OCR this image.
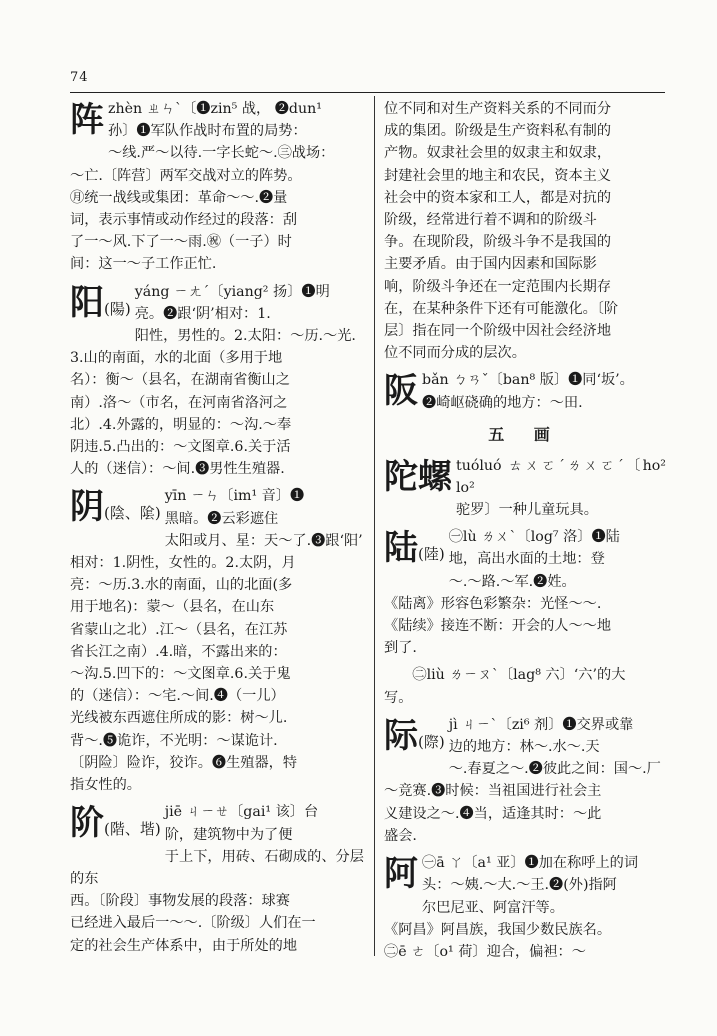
74
阵 zhèn ㄓㄣˋ〔❶zin⁵ 战， ❷dun¹

孙〕❶军队作战时布置的局势：

～线.严～以待.一字长蛇～.㊂战场：

～亡.〔阵营〕两军交战对立的阵势。

㊊统一战线或集团：革命～～.❷量

词，表示事情或动作经过的段落：刮

了一～风.下了一～雨.㊗（一子）时

间：这一～子工作正忙.

阳(陽)

yáng ㄧㄤˊ〔yiang² 扬〕❶明

亮。❷跟‘阴’相对：1.

阳性，男性的。2.太阳：～历.～光.

3.山的南面，水的北面（多用于地

名）：衡～（县名，在湖南省衡山之

南）.洛～（市名，在河南省洛河之

北）.4.外露的，明显的：～沟.～奉

阴违.5.凸出的：～文图章.6.关于活

人的（迷信）：～间.❸男性生殖器.

阴(陰、隂)

yīn ㄧㄣ〔im¹ 音〕❶

黑暗。❷云彩遮住

太阳或月、星：天～了.❸跟‘阳’

相对：1.阴性，女性的。2.太阴，月

亮：～历.3.水的南面，山的北面(多

用于地名)：蒙～（县名，在山东

省蒙山之北）.江～（县名，在江苏

省长江之南）.4.暗，不露出来的：

～沟.5.凹下的：～文图章.6.关于鬼

的（迷信）：～宅.～间.❹（一儿）

光线被东西遮住所成的影：树～儿.

背～.❺诡诈，不光明：～谋诡计.

〔阴险〕险诈，狡诈。❻生殖器，特

指女性的。

阶(階、堦)

jiē ㄐㄧㄝ〔gai¹ 该〕台

阶，建筑物中为了便

于上下，用砖、石砌成的、分层的东

西。〔阶段〕事物发展的段落：球赛

已经进入最后一～～.〔阶级〕人们在一

定的社会生产体系中，由于所处的地

位不同和对生产资料关系的不同而分

成的集团。阶级是生产资料私有制的

产物。奴隶社会里的奴隶主和奴隶，

封建社会里的地主和农民，资本主义

社会中的资本家和工人，都是对抗的

阶级，经常进行着不调和的阶级斗

争。在现阶段，阶级斗争不是我国的

主要矛盾。由于国内因素和国际影

响，阶级斗争还在一定范围内长期存

在，在某种条件下还有可能激化。〔阶

层〕指在同一个阶级中因社会经济地

位不同而分成的层次。

阪 bǎn ㄅㄢˇ〔ban⁸ 版〕❶同‘坂’。

❷崎岖硗确的地方：～田.

五 画
陀螺 tuóluó ㄊㄨㄛˊㄌㄨㄛˊ〔ho² lo²

驼罗〕一种儿童玩具。

陆(陸)

㊀lù ㄌㄨˋ〔log⁷ 洛〕❶陆

地，高出水面的土地：登

～.～路.～军.❷姓。

《陆离》形容色彩繁杂：光怪～～.

《陆续》接连不断：开会的人～～地

到了.

㊁liù ㄌㄧㄡˋ〔lag⁸ 六〕‘六’的大

写。

际(際)

jì ㄐㄧˋ〔zi⁶ 剂〕❶交界或靠

边的地方：林～.水～.天

～.春夏之～.❷彼此之间：国～.厂

～竞赛.❸时候：当祖国进行社会主

义建设之～.❹当，适逢其时：～此

盛会.

阿 ㊀ā ㄚ〔a¹ 亚〕❶加在称呼上的词

头：～姨.～大.～王.❷(外)指阿

尔巴尼亚、阿富汗等。

《阿昌》阿昌族，我国少数民族名。

㊁ē ㄜ〔o¹ 荷〕迎合，偏袒：～
